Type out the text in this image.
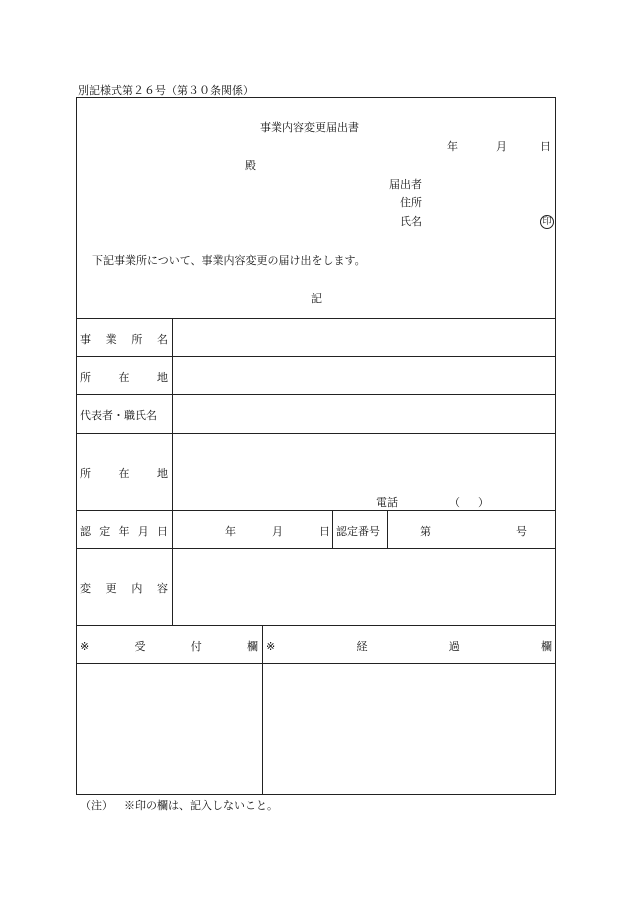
別記様式第２６号（第３０条関係）
事業内容変更届出書
年	月	日
殿
届出者
住所
氏名	印
下記事業所について、事業内容変更の届け出をします。
記
事 業 所 名
所	在	地
代表者・職氏名
所	在	地
電話	（ ）
認 定 年 月 日	年	月	日 認定番号	第	号
変 更 内 容
※	受	付	欄 ※	経	過	欄
（注） ※印の欄は、記入しないこと。
